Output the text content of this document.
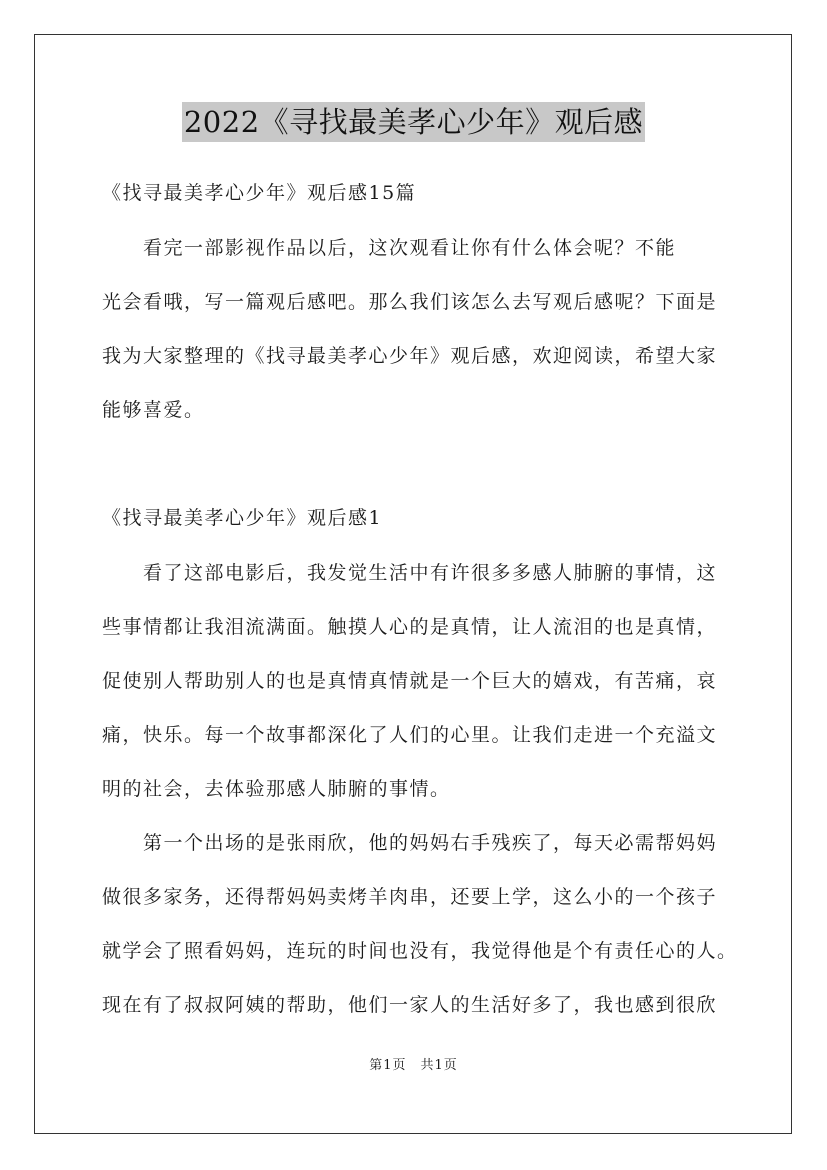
2022《寻找最美孝心少年》观后感
《找寻最美孝心少年》观后感15篇
　　看完一部影视作品以后，这次观看让你有什么体会呢？不能
光会看哦，写一篇观后感吧。那么我们该怎么去写观后感呢？下面是
我为大家整理的《找寻最美孝心少年》观后感，欢迎阅读，希望大家
能够喜爱。
《找寻最美孝心少年》观后感1
　　看了这部电影后，我发觉生活中有许很多多感人肺腑的事情，这
些事情都让我泪流满面。触摸人心的是真情，让人流泪的也是真情，
促使别人帮助别人的也是真情真情就是一个巨大的嬉戏，有苦痛，哀
痛，快乐。每一个故事都深化了人们的心里。让我们走进一个充溢文
明的社会，去体验那感人肺腑的事情。
　　第一个出场的是张雨欣，他的妈妈右手残疾了，每天必需帮妈妈
做很多家务，还得帮妈妈卖烤羊肉串，还要上学，这么小的一个孩子
就学会了照看妈妈，连玩的时间也没有，我觉得他是个有责任心的人。
现在有了叔叔阿姨的帮助，他们一家人的生活好多了，我也感到很欣
第1页　共1页
